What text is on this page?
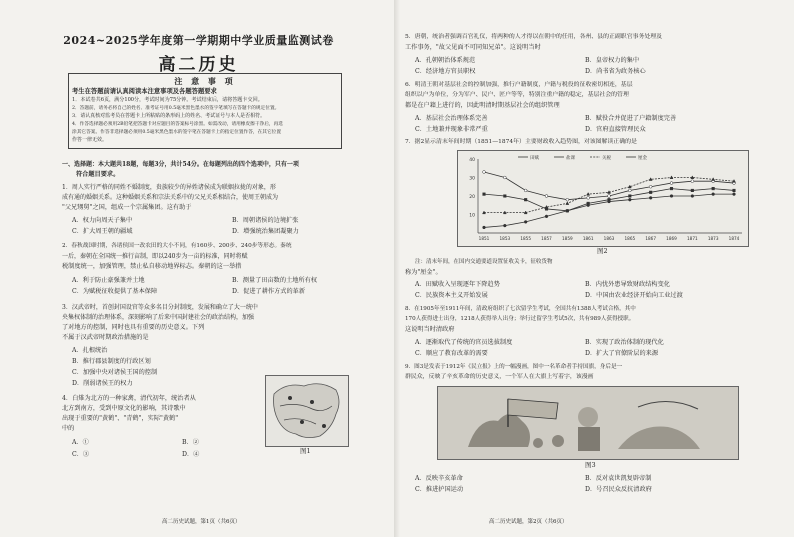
2024~2025学年度第一学期期中学业质量监测试卷
高二历史
注 意 事 项
考生在答题前请认真阅读本注意事项及各题答题要求
1．本试卷共6页，满分100分，考试时间为75分钟。考试结束后，请将答题卡交回。
2．答题前，请务必将自己的姓名、准考证号用0.5毫米黑色墨水的签字笔填写在答题卡的规定位置。
3．请认真核对监考员在答题卡上所粘贴的条形码上的姓名、考试证号与本人是否相符。
4．作答选择题必须用2B铅笔把答题卡对应题目的答案标号涂黑。如需改动，请用橡皮擦干净后，再选
涂其它答案。作答非选择题必须用0.5毫米黑色墨水的签字笔在答题卡上的指定位置作答，在其它位置
作答一律无效。
一、选择题：本大题共18题，每题3分，共计54分。在每题列出的四个选项中，只有一项
符合题目要求。
1．周人实行严格的同姓不婚制度，贵族较少的异姓诸侯成为联姻拉拢的对象，形
成有通的婚姻关系。这种婚姻关系和宗法关系中的父兄关系相结合，使周王朝成为
"父兄甥舅"之国，组成一个宗属集团。这有助于
A．权力向周天子集中	B．周朝诸侯的边境扩张
C．扩大周王朝的疆域	D．增强统治集团凝聚力
2．春秋战国时期，各诸侯国一改农田的大小不同，有160步、200步、240步等形态。秦统
一后，秦朝在全国统一推行亩制，即以240步为一亩的标准，同时将赋
税制度统一，加强管理，禁止私自移动地界标志。秦朝的这一举措
A．利于防止豪强兼并土地	B．测量了田亩数的土地所有权
C．为赋税征收提供了基本保障	D．促进了耕作方式的革新
3．汉武帝时，首创封国设官等众多名目分封制度，发展和确立了大一统中
央集权体制的治理体系，深刻影响了后来中国封建社会的政治结构，加强
了对地方的控制，同时也具有重要的历史意义。下列
不属于汉武帝时期政治措施的是
A．扎根统治
B．推行郡县制度的行政区划
C．加强中央对诸侯王国的控制
D．削弱诸侯王的权力
4．白雉为北方的一种家禽，清代初年，统治者从
北方到南方，受到中原文化的影响，其诗歌中
出现于重要的"黄鹤"、"青鹤"，实际"黄鹤"
中的
A．①	B．②
C．③	D．④	图1
高二历史试题，第1页（共6页）
5．唐朝，统治者强调百官礼仪，将两种的人才得以在朝中的任用，各州、县的正副职官事务处理及
工作事务，"故父见面不可同知兄弟"。这说明当时
A．孔朝朝治体系规范	B．皇帝权力的集中
C．经济地方官员职权	D．尚书省为政务核心
6．明清王朝对基层社会的控制加强，推行户籍制度，户籍与税役的征收密切相连，基层
组织以户为单位，分为军户、民户、匠户等等，特别注重户籍的稳定，基层社会的管理
都是在户籍上进行的，因此明清时期基层社会的组织管理
A．基层社会治理体系完善	B．赋役合并促进了户籍制度完善
C．土地兼并现象非常严重	D．官府直接管理民众
7．据2显示清末年间时期（1851—1874年）主要财政收入趋势图，对该图解读正确的是
10
20
30
40
1851 1853 1855 1857 1859 1861 1863 1865 1867 1869 1871 1873 1874
田赋	盐课	关税	厘金
图2
注：清末年间，在国内交通要道设置征收关卡，征收货物
称为"厘金"。
A．田赋收入呈现逐年下降趋势	B．内忧外患导致财政结构变化
C．民族资本主义开始发展	D．中国由农业经济开始向工业过渡
8．在1905年至1911年间，清政府组织了七次留学生考试，全国共有1388人考试合格，其中
170人获得进士出身，1218人获得举人出身；举行过留学生考试5次，共有989人获得授职。
这说明当时清政府
A．逐渐取代了传统的官员选拔制度	B．实现了政治体制的现代化
C．顺应了教育改革的需要	D．扩大了官僚阶层的来源
9．图3是发表于1912年《民立报》上的一幅漫画，图中一名革命者手持国旗，身后是一
群民众，反映了辛亥革命的历史意义，一个军人在大旗上写着字，该漫画
图3
A．反映辛亥革命	B．反对袁世凯复辟帝制
C．推进护国运动	D．号召民众反抗清政府
高二历史试题，第2页（共6页）
